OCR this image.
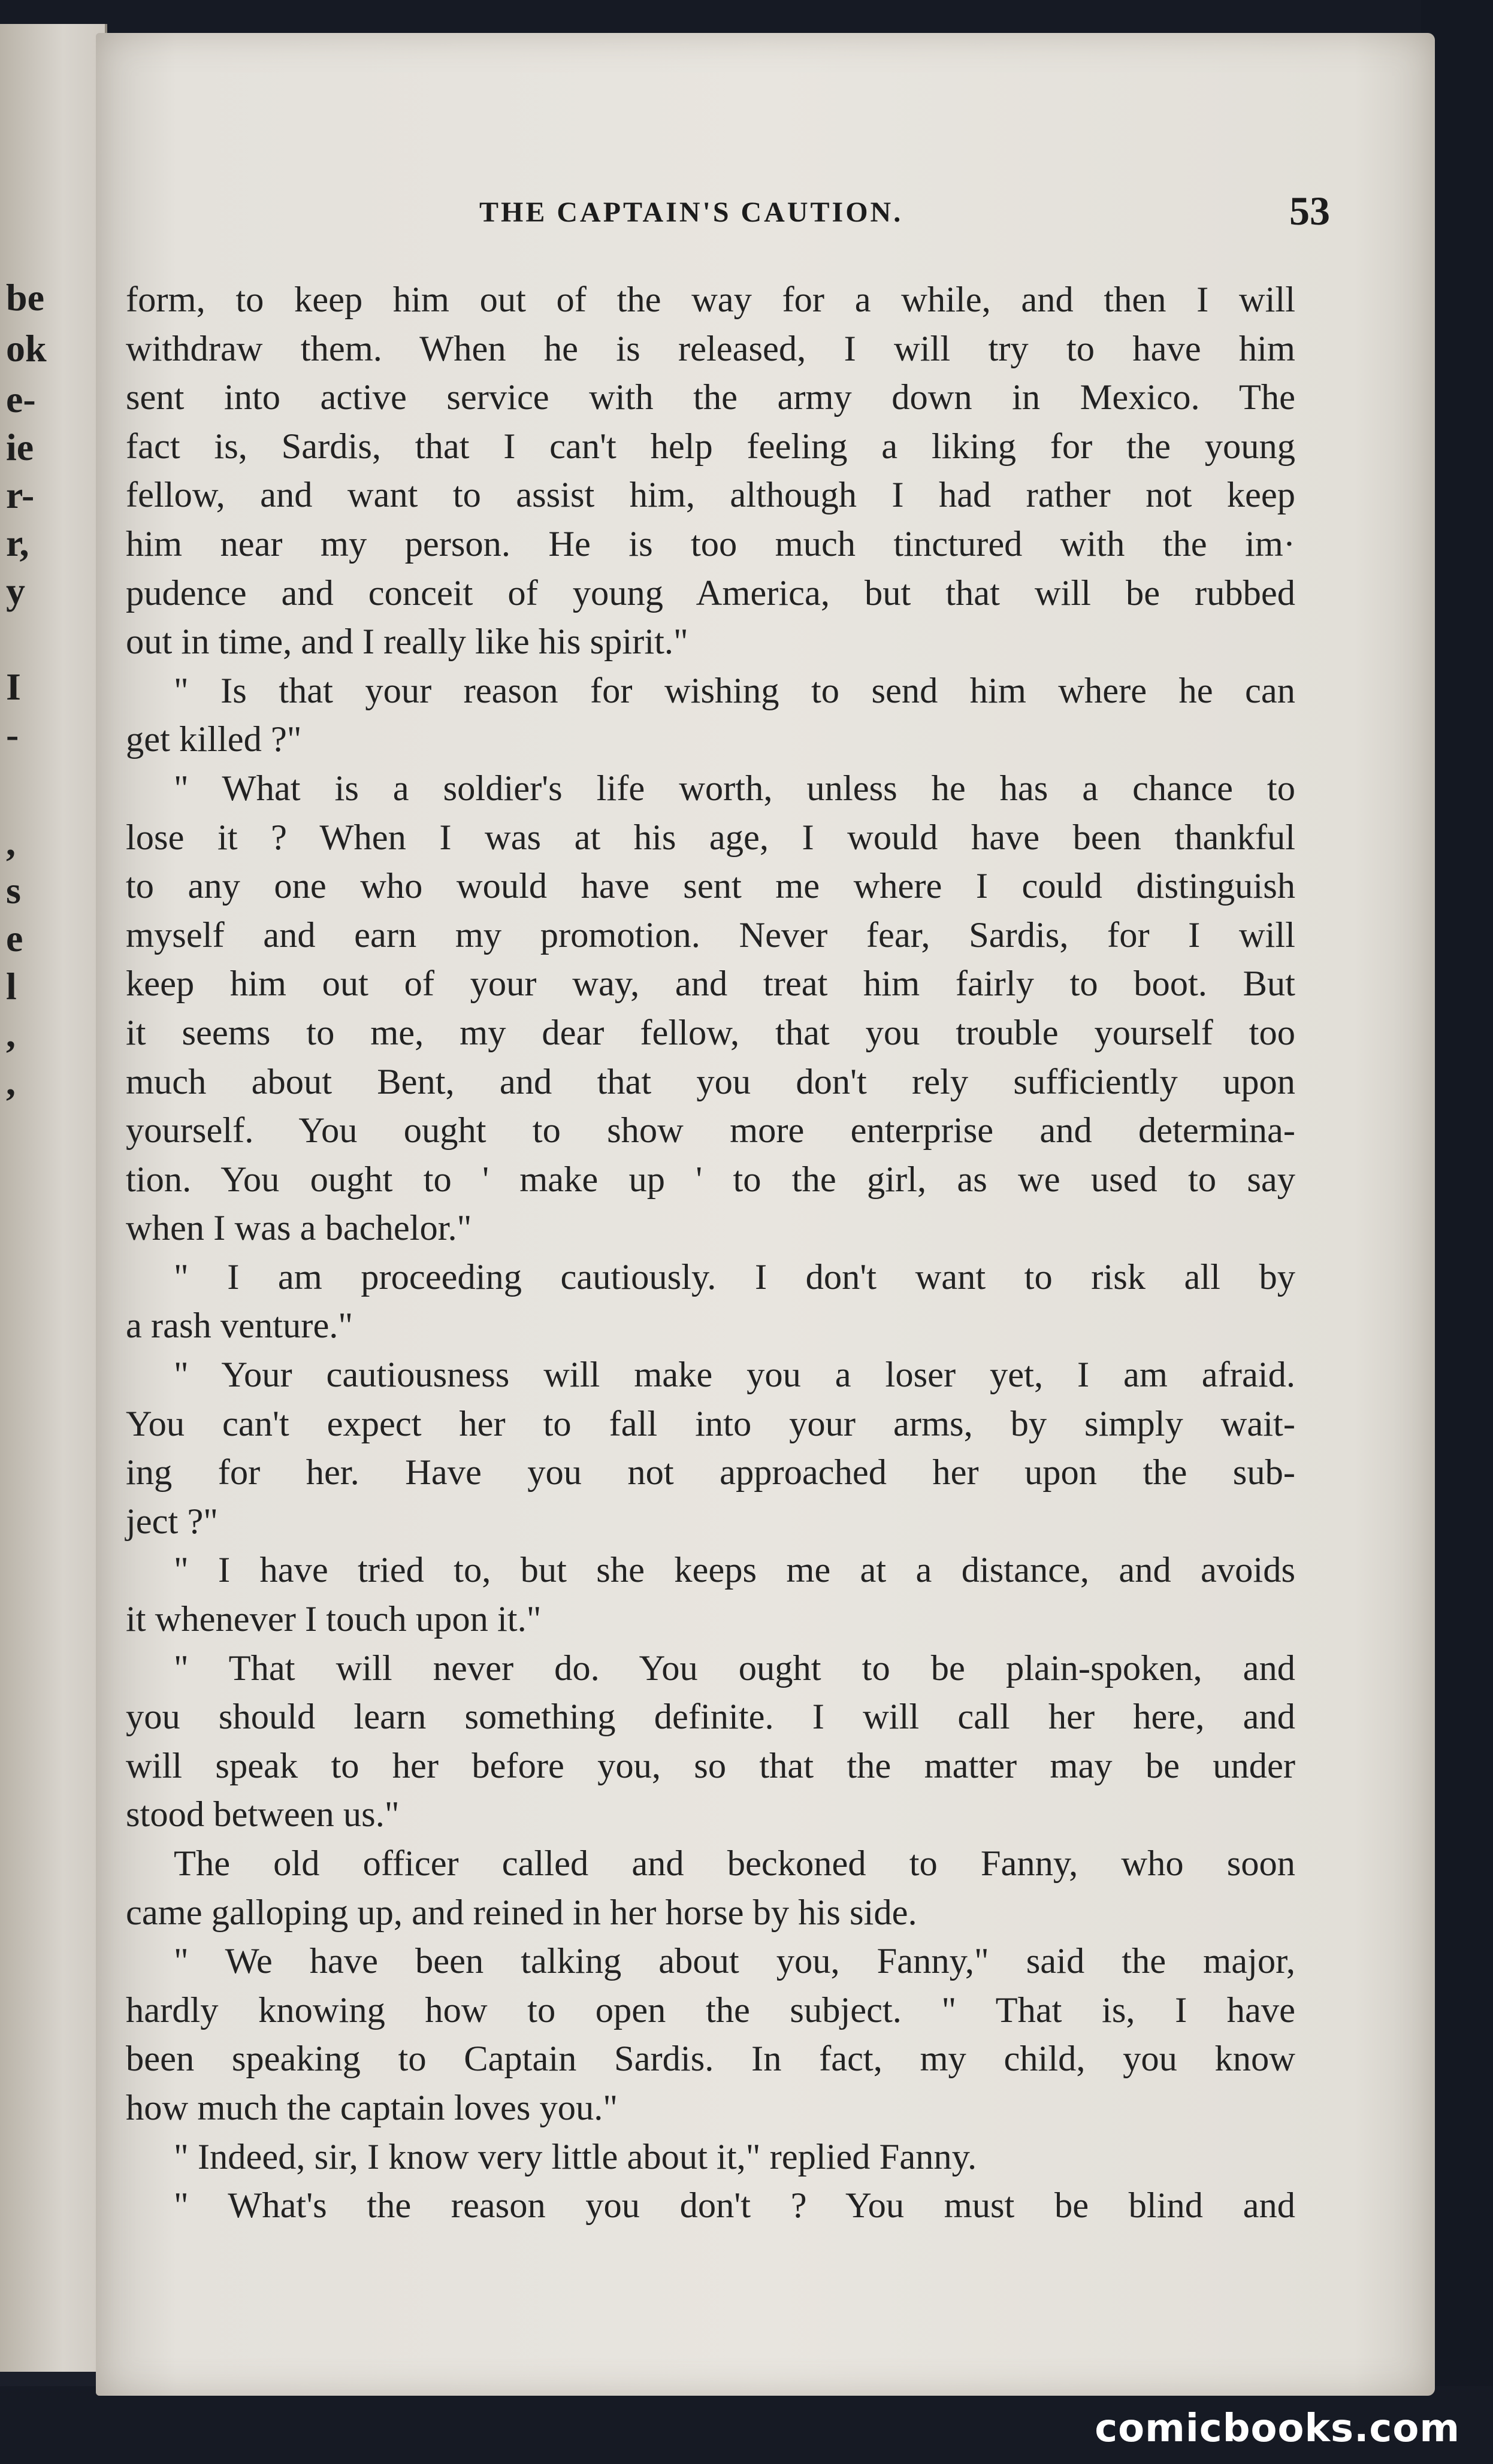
be
ok
e-
ie
r-
r,
y
I
-
,
s
e
l
,
,
THE CAPTAIN'S CAUTION.	53
form, to keep him out of the way for a while, and then I will
withdraw them. When he is released, I will try to have him
sent into active service with the army down in Mexico. The
fact is, Sardis, that I can't help feeling a liking for the young
fellow, and want to assist him, although I had rather not keep
him near my person. He is too much tinctured with the im·
pudence and conceit of young America, but that will be rubbed
out in time, and I really like his spirit."
" Is that your reason for wishing to send him where he can
get killed ?"
" What is a soldier's life worth, unless he has a chance to
lose it ? When I was at his age, I would have been thankful
to any one who would have sent me where I could distinguish
myself and earn my promotion. Never fear, Sardis, for I will
keep him out of your way, and treat him fairly to boot. But
it seems to me, my dear fellow, that you trouble yourself too
much about Bent, and that you don't rely sufficiently upon
yourself. You ought to show more enterprise and determina-
tion. You ought to ' make up ' to the girl, as we used to say
when I was a bachelor."
" I am proceeding cautiously. I don't want to risk all by
a rash venture."
" Your cautiousness will make you a loser yet, I am afraid.
You can't expect her to fall into your arms, by simply wait-
ing for her. Have you not approached her upon the sub-
ject ?"
" I have tried to, but she keeps me at a distance, and avoids
it whenever I touch upon it."
" That will never do. You ought to be plain-spoken, and
you should learn something definite. I will call her here, and
will speak to her before you, so that the matter may be under
stood between us."
The old officer called and beckoned to Fanny, who soon
came galloping up, and reined in her horse by his side.
" We have been talking about you, Fanny," said the major,
hardly knowing how to open the subject. " That is, I have
been speaking to Captain Sardis. In fact, my child, you know
how much the captain loves you."
" Indeed, sir, I know very little about it," replied Fanny.
" What's the reason you don't ? You must be blind and
comicbooks.com
